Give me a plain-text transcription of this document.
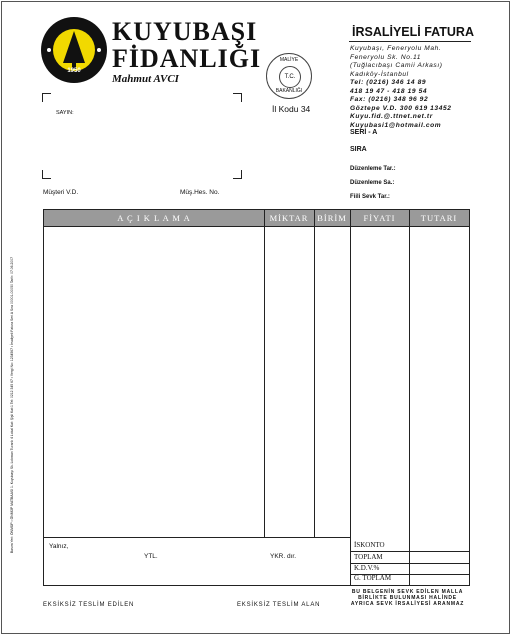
1950
KUYUBAŞI
FİDANLIĞI
Mahmut AVCI
MALİYE
T.C.
BAKANLIĞI
İl Kodu 34
İRSALİYELİ FATURA
Kuyubaşı, Feneryolu Mah.
Feneryolu Sk. No.11
(Tuğlacıbaşı Camii Arkası)
Kadıköy-İstanbul
Tel: (0216) 346 14 89
418 19 47 - 418 19 54
Fax: (0216) 348 96 92
Göztepe V.D. 300 619 13452
Kuyu.fid.@.ttnet.net.tr
Kuyubasi1@hotmail.com
SAYIN:
Müşteri V.D.	Müş.Hes. No.
SERİ - A
SIRA
Düzenleme Tar.:
Düzenleme Sa.:
Fiili Sevk Tar.:
A Ç I K L A M A	MİKTAR	BİRİM	FİYATI	TUTARI
Yalnız,
YTL.	YKR. dır.
İSKONTO
TOPLAM
K.D.V.%
G. TOPLAM
Basım Yeri: ÖNMÜP • ÖNMÜP MATBAASI 1. Kuyubaşı Sk. Lokman Turanlı 4 Lokal Kat: Şişli Kat:1 Tel: 0212 345 67 • Vergi No: 1234567 • İrsaliyeli Fatura Seri A Sıra 00001-00050 Tarih: 07.06.2007
EKSİKSİZ TESLİM EDİLEN	EKSİKSİZ TESLİM ALAN
BU BELGENİN SEVK EDİLEN MALLA
BİRLİKTE BULUNMASI HALİNDE
AYRICA SEVK İRSALİYESİ ARANMAZ
